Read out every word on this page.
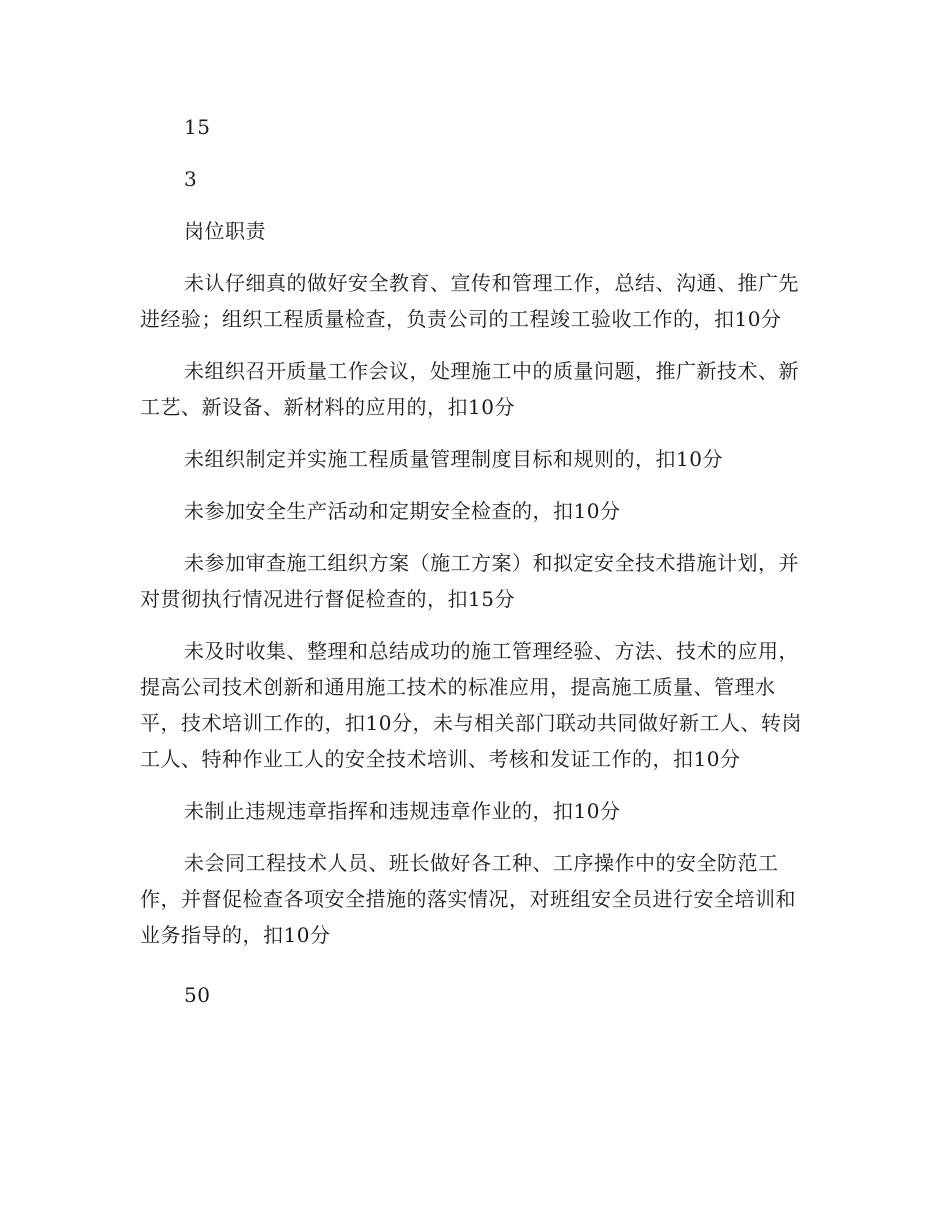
15

3

岗位职责

未认仔细真的做好安全教育、宣传和管理工作，总结、沟通、推广先进经验；组织工程质量检查，负责公司的工程竣工验收工作的，扣10分

未组织召开质量工作会议，处理施工中的质量问题，推广新技术、新工艺、新设备、新材料的应用的，扣10分

未组织制定并实施工程质量管理制度目标和规则的，扣10分

未参加安全生产活动和定期安全检查的，扣10分

未参加审查施工组织方案（施工方案）和拟定安全技术措施计划，并对贯彻执行情况进行督促检查的，扣15分

未及时收集、整理和总结成功的施工管理经验、方法、技术的应用，提高公司技术创新和通用施工技术的标准应用，提高施工质量、管理水平，技术培训工作的，扣10分，未与相关部门联动共同做好新工人、转岗工人、特种作业工人的安全技术培训、考核和发证工作的，扣10分

未制止违规违章指挥和违规违章作业的，扣10分

未会同工程技术人员、班长做好各工种、工序操作中的安全防范工作，并督促检查各项安全措施的落实情况，对班组安全员进行安全培训和业务指导的，扣10分

50
